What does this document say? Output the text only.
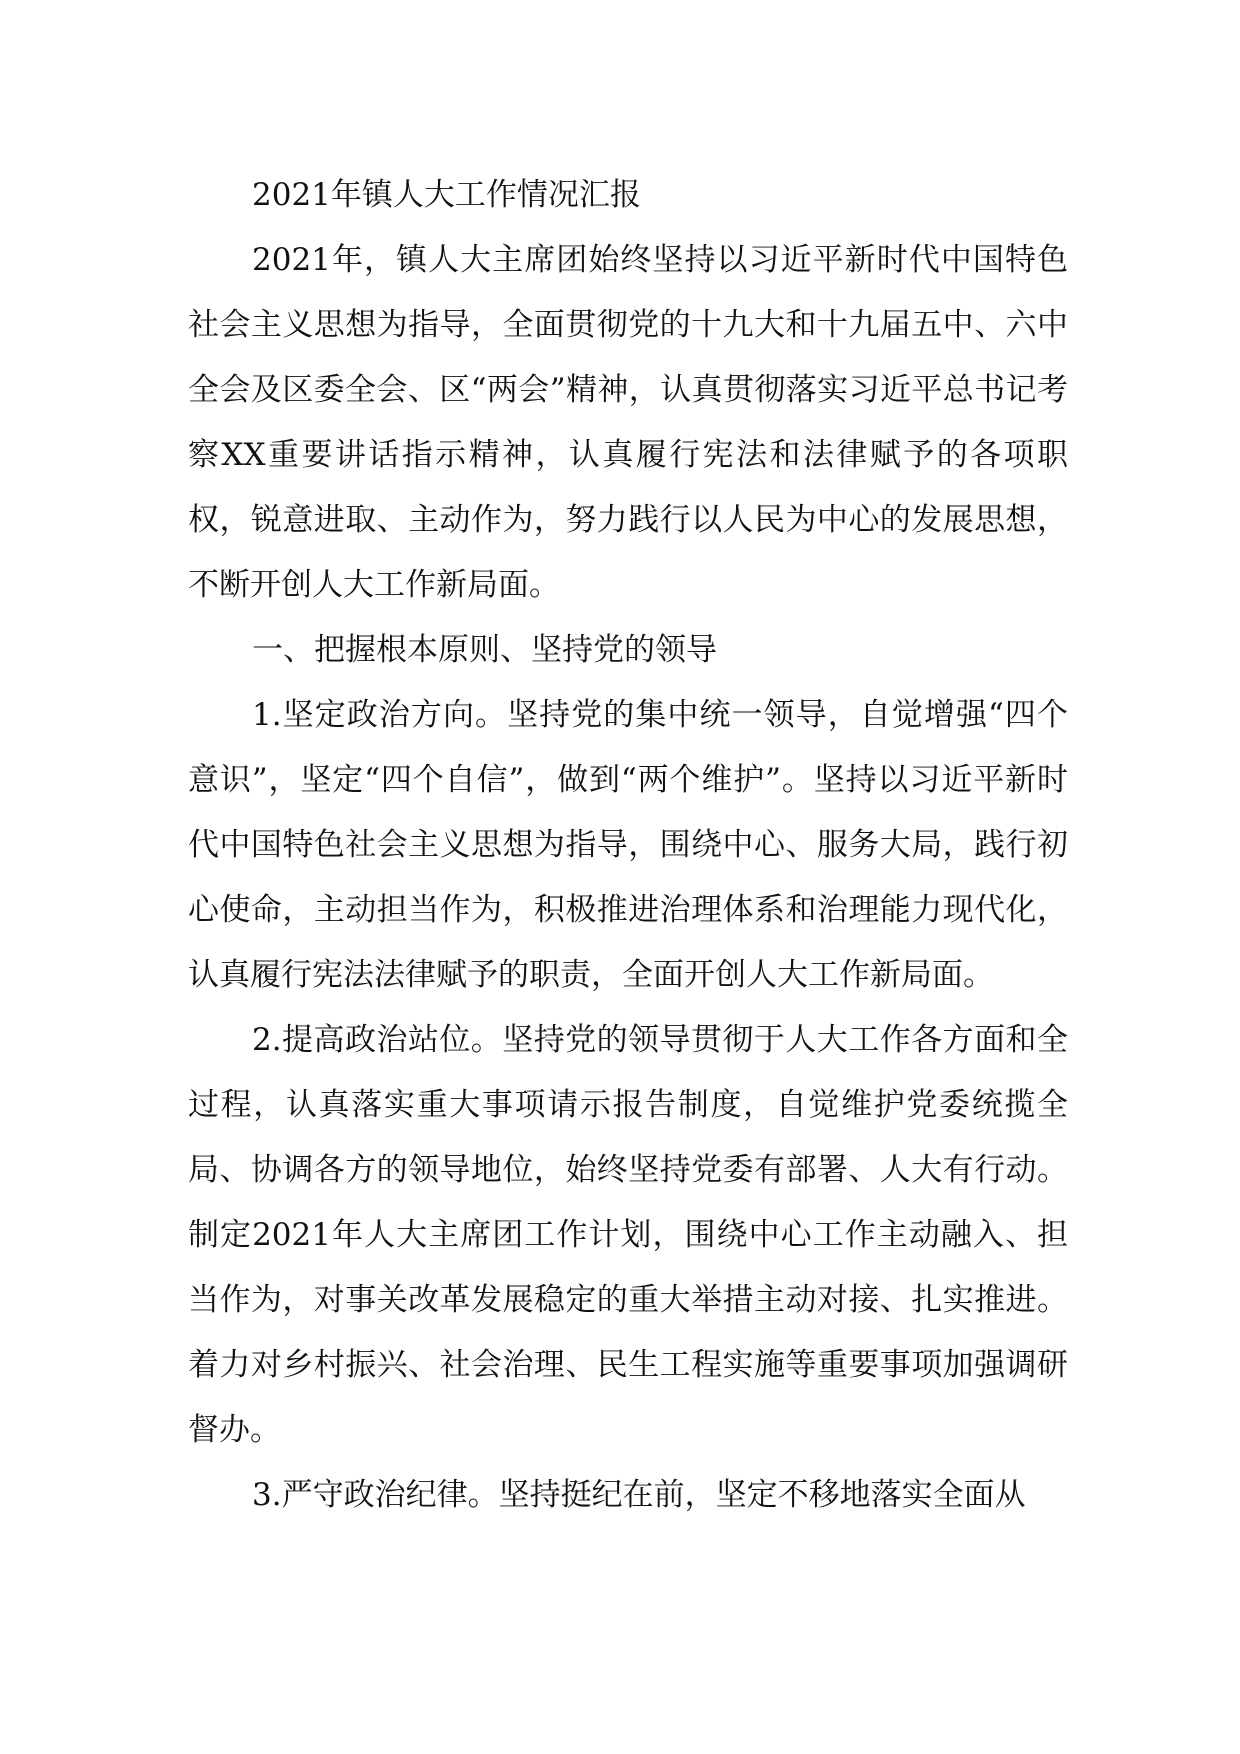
2021年镇人大工作情况汇报

2021年，镇人大主席团始终坚持以习近平新时代中国特色社会主义思想为指导，全面贯彻党的十九大和十九届五中、六中全会及区委全会、区“两会”精神，认真贯彻落实习近平总书记考察XX重要讲话指示精神，认真履行宪法和法律赋予的各项职权，锐意进取、主动作为，努力践行以人民为中心的发展思想，不断开创人大工作新局面。

一、把握根本原则、坚持党的领导

1.坚定政治方向。坚持党的集中统一领导，自觉增强“四个意识”，坚定“四个自信”，做到“两个维护”。坚持以习近平新时代中国特色社会主义思想为指导，围绕中心、服务大局，践行初心使命，主动担当作为，积极推进治理体系和治理能力现代化，认真履行宪法法律赋予的职责，全面开创人大工作新局面。

2.提高政治站位。坚持党的领导贯彻于人大工作各方面和全过程，认真落实重大事项请示报告制度，自觉维护党委统揽全局、协调各方的领导地位，始终坚持党委有部署、人大有行动。制定2021年人大主席团工作计划，围绕中心工作主动融入、担当作为，对事关改革发展稳定的重大举措主动对接、扎实推进。着力对乡村振兴、社会治理、民生工程实施等重要事项加强调研督办。

3.严守政治纪律。坚持挺纪在前，坚定不移地落实全面从
